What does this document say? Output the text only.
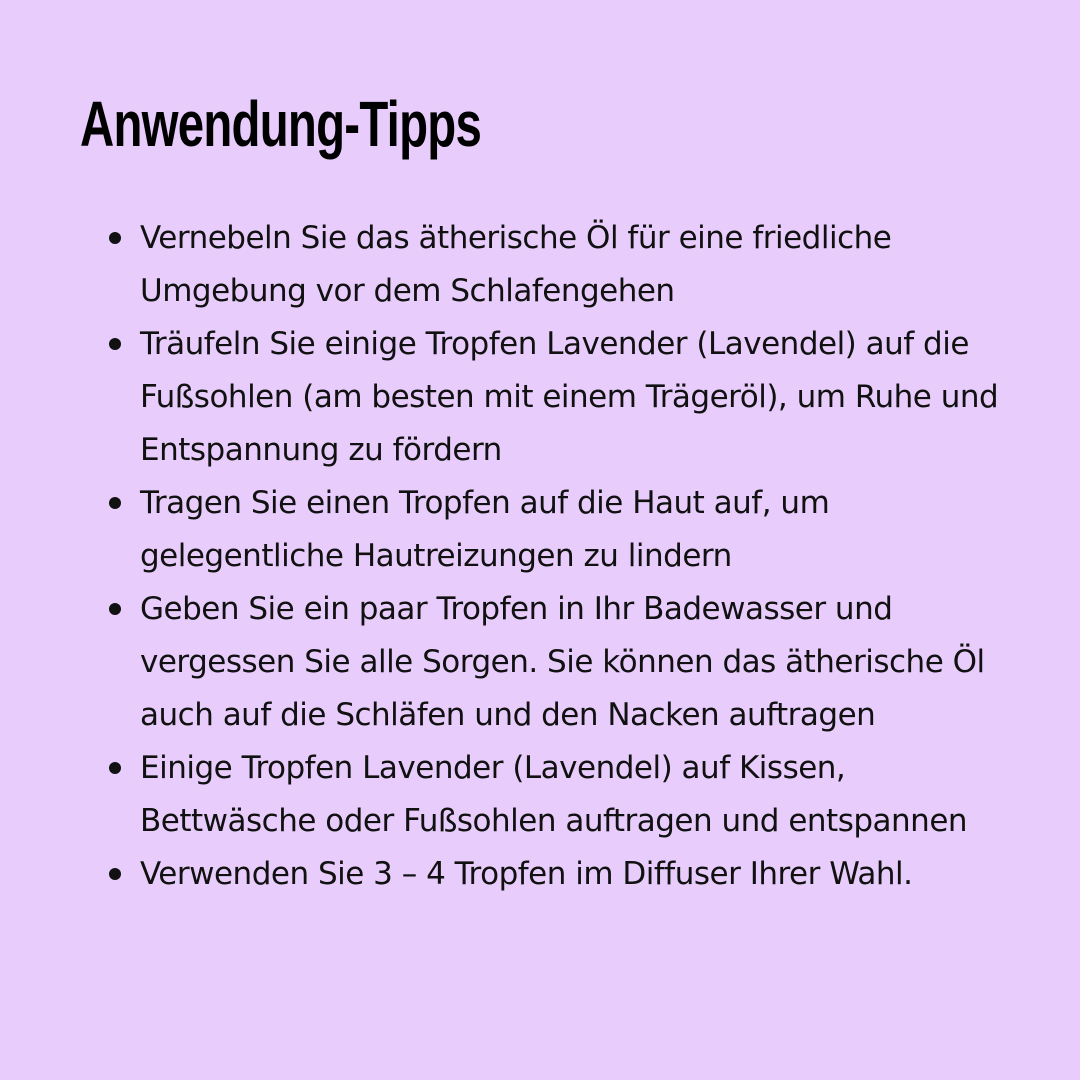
Anwendung-Tipps
Vernebeln Sie das ätherische Öl für eine friedliche Umgebung vor dem Schlafengehen
Träufeln Sie einige Tropfen Lavender (Lavendel) auf die Fußsohlen (am besten mit einem Trägeröl), um Ruhe und Entspannung zu fördern
Tragen Sie einen Tropfen auf die Haut auf, um gelegentliche Hautreizungen zu lindern
Geben Sie ein paar Tropfen in Ihr Badewasser und vergessen Sie alle Sorgen. Sie können das ätherische Öl auch auf die Schläfen und den Nacken auftragen
Einige Tropfen Lavender (Lavendel) auf Kissen, Bettwäsche oder Fußsohlen auftragen und entspannen
Verwenden Sie 3 – 4 Tropfen im Diffuser Ihrer Wahl.
